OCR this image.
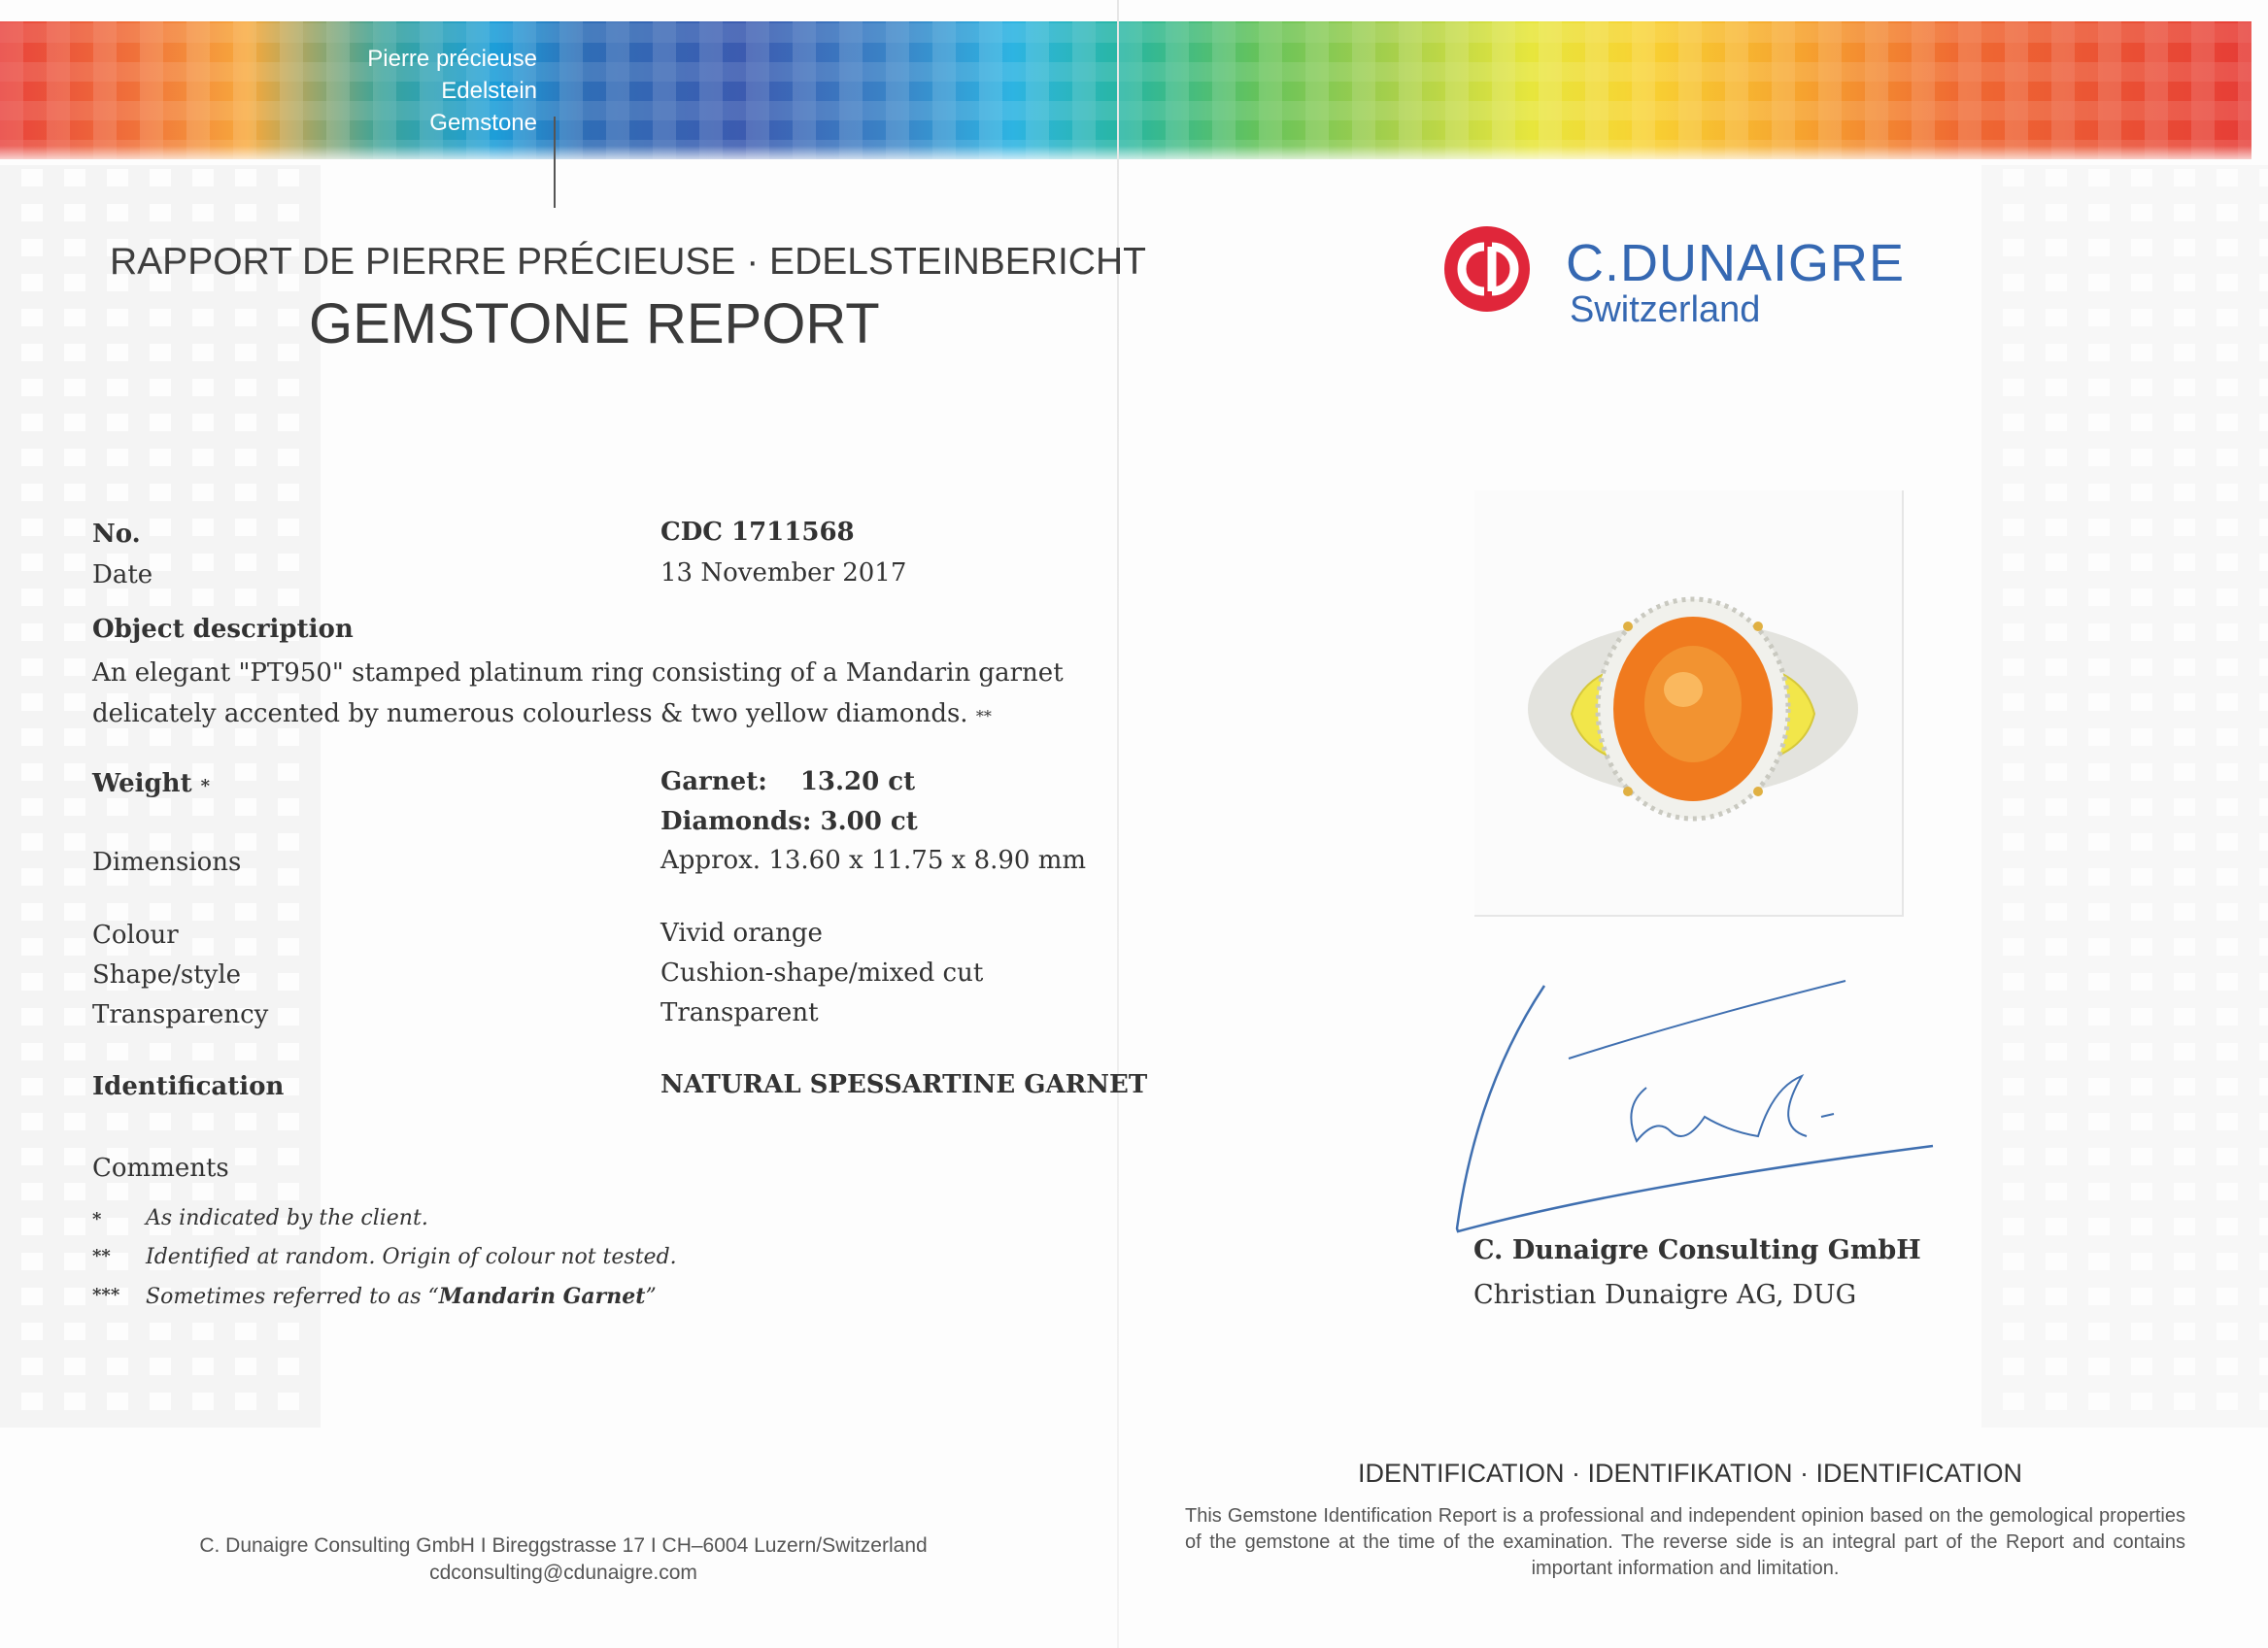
Pierre précieuse
Edelstein
Gemstone
RAPPORT DE PIERRE PRÉCIEUSE · EDELSTEINBERICHT
GEMSTONE REPORT
No.	CDC 1711568
Date	13 November 2017
Object description
An elegant "PT950" stamped platinum ring consisting of a Mandarin garnet
delicately accented by numerous colourless & two yellow diamonds. **
Weight *	Garnet: 13.20 ct
Diamonds: 3.00 ct
Dimensions	Approx. 13.60 x 11.75 x 8.90 mm
Colour	Vivid orange
Shape/style	Cushion-shape/mixed cut
Transparency	Transparent
Identification	NATURAL SPESSARTINE GARNET
Comments
* As indicated by the client.
** Identified at random. Origin of colour not tested.
*** Sometimes referred to as “Mandarin Garnet”
C. Dunaigre Consulting GmbH I Bireggstrasse 17 I CH–6004 Luzern/Switzerland
cdconsulting@cdunaigre.com
CD
C.DUNAIGRE
Switzerland
C. Dunaigre Consulting GmbH
Christian Dunaigre AG, DUG
IDENTIFICATION · IDENTIFIKATION · IDENTIFICATION
This Gemstone Identification Report is a professional and independent opinion based on the gemological properties of the gemstone at the time of the examination. The reverse side is an integral part of the Report and contains important information and limitation.
